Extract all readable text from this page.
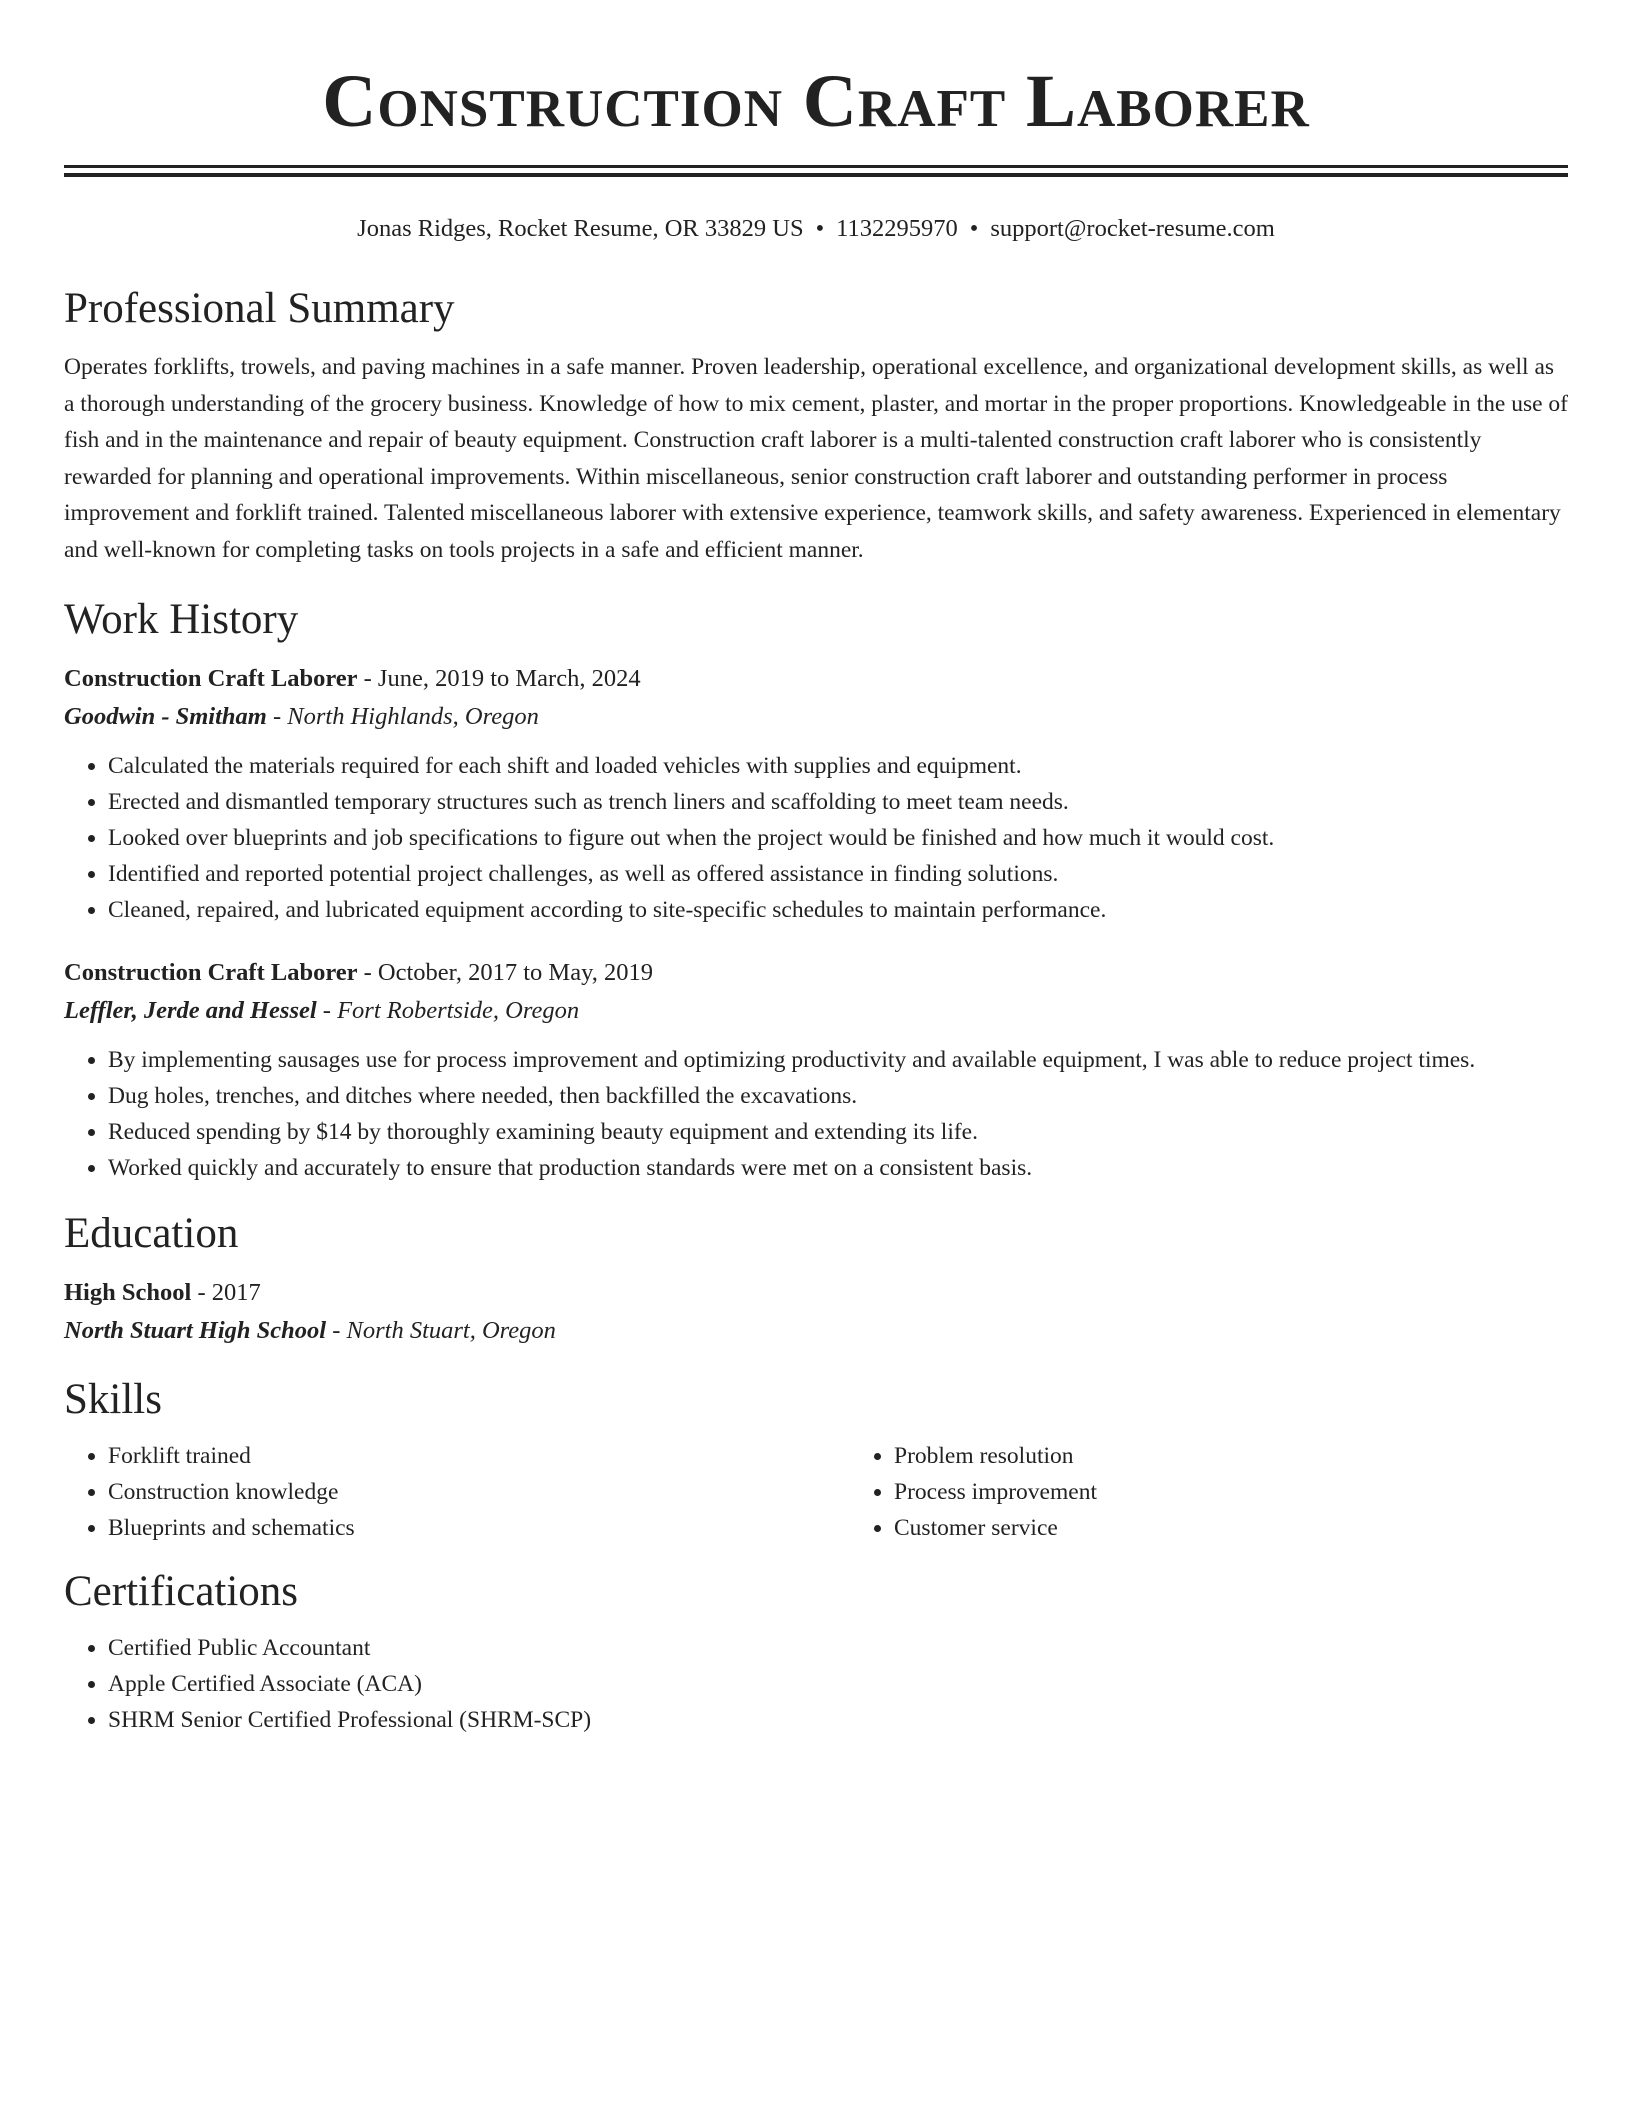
Construction Craft Laborer
Jonas Ridges, Rocket Resume, OR 33829 US • 1132295970 • support@rocket-resume.com
Professional Summary

Operates forklifts, trowels, and paving machines in a safe manner. Proven leadership, operational excellence, and organizational development skills, as well as a thorough understanding of the grocery business. Knowledge of how to mix cement, plaster, and mortar in the proper proportions. Knowledgeable in the use of fish and in the maintenance and repair of beauty equipment. Construction craft laborer is a multi-talented construction craft laborer who is consistently rewarded for planning and operational improvements. Within miscellaneous, senior construction craft laborer and outstanding performer in process improvement and forklift trained. Talented miscellaneous laborer with extensive experience, teamwork skills, and safety awareness. Experienced in elementary and well-known for completing tasks on tools projects in a safe and efficient manner.

Work History
Construction Craft Laborer - June, 2019 to March, 2024
Goodwin - Smitham - North Highlands, Oregon
• Calculated the materials required for each shift and loaded vehicles with supplies and equipment.
• Erected and dismantled temporary structures such as trench liners and scaffolding to meet team needs.
• Looked over blueprints and job specifications to figure out when the project would be finished and how much it would cost.
• Identified and reported potential project challenges, as well as offered assistance in finding solutions.
• Cleaned, repaired, and lubricated equipment according to site-specific schedules to maintain performance.
Construction Craft Laborer - October, 2017 to May, 2019
Leffler, Jerde and Hessel - Fort Robertside, Oregon
• By implementing sausages use for process improvement and optimizing productivity and available equipment, I was able to reduce project times.
• Dug holes, trenches, and ditches where needed, then backfilled the excavations.
• Reduced spending by $14 by thoroughly examining beauty equipment and extending its life.
• Worked quickly and accurately to ensure that production standards were met on a consistent basis.
Education
High School - 2017
North Stuart High School - North Stuart, Oregon
Skills
• Forklift trained
• Construction knowledge
• Blueprints and schematics
• Problem resolution
• Process improvement
• Customer service
Certifications
• Certified Public Accountant
• Apple Certified Associate (ACA)
• SHRM Senior Certified Professional (SHRM-SCP)
